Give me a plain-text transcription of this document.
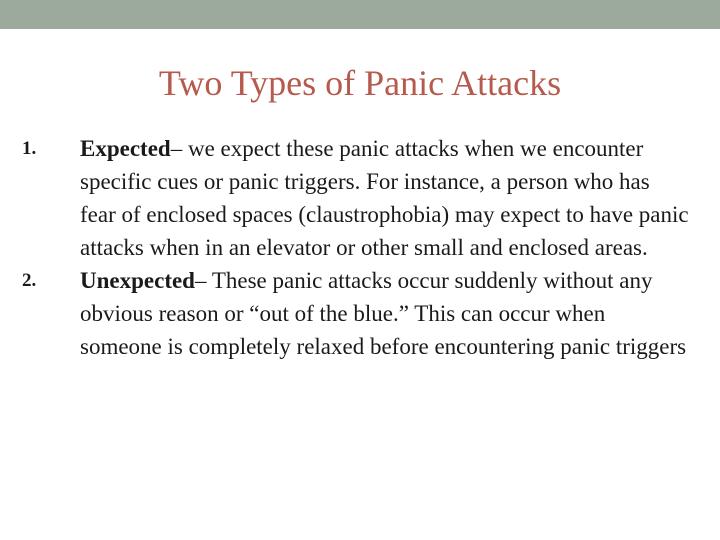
Two Types of Panic Attacks
1.	Expected– we expect these panic attacks when we encounter specific cues or panic triggers. For instance, a person who has fear of enclosed spaces (claustrophobia) may expect to have panic attacks when in an elevator or other small and enclosed areas.
2.	Unexpected– These panic attacks occur suddenly without any obvious reason or “out of the blue.” This can occur when someone is completely relaxed before encountering panic triggers
